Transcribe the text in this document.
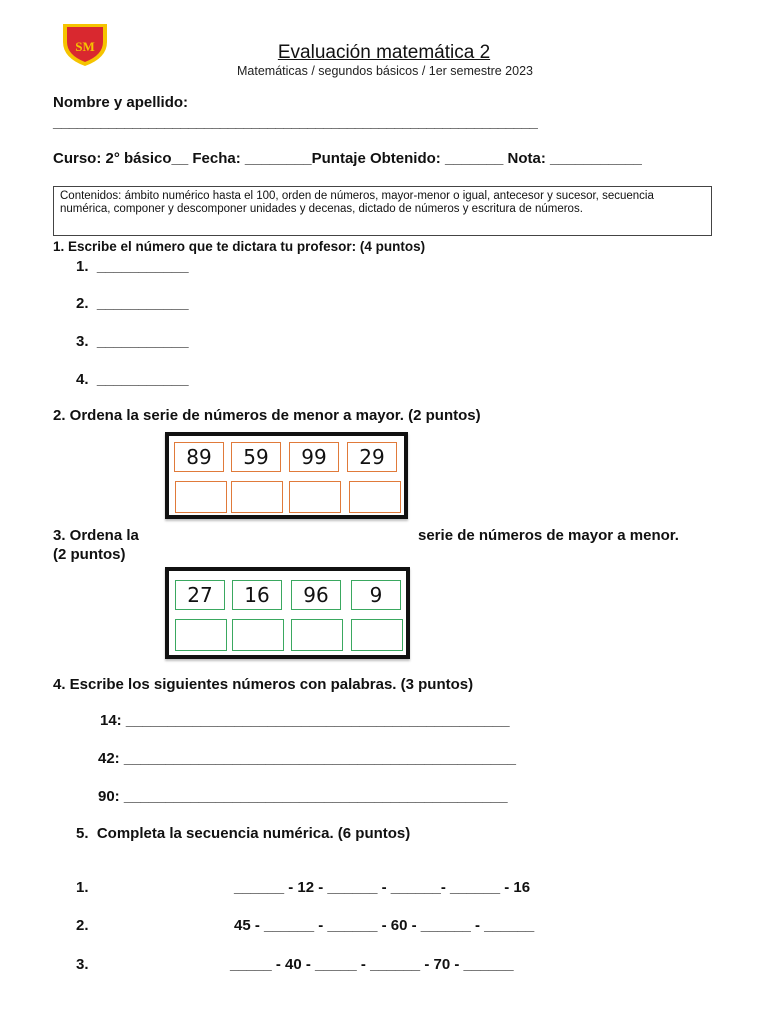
SM	Evaluación matemática 2
Matemáticas / segundos básicos / 1er semestre 2023
Nombre y apellido:
_____________________________________________________________
Curso: 2° básico__ Fecha: ________Puntaje Obtenido: _______ Nota: ___________
Contenidos: ámbito numérico hasta el 100, orden de números, mayor-menor o igual, antecesor y sucesor, secuencia numérica, componer y descomponer unidades y decenas, dictado de números y escritura de números.
1. Escribe el número que te dictara tu profesor: (4 puntos)
1.  ___________
2.  ___________
3.  ___________
4.  ___________
2. Ordena la serie de números de menor a mayor. (2 puntos)
89	59	99	29
3. Ordena la	serie de números de mayor a menor.
(2 puntos)
27	16	96	9
4. Escribe los siguientes números con palabras. (3 puntos)
14: ______________________________________________
42: _______________________________________________
90: ______________________________________________
5.  Completa la secuencia numérica. (6 puntos)
1.	______ - 12 - ______ - ______- ______ - 16
2.	45 - ______ - ______ - 60 - ______ - ______
3.	_____ - 40 - _____ - ______ - 70 - ______
